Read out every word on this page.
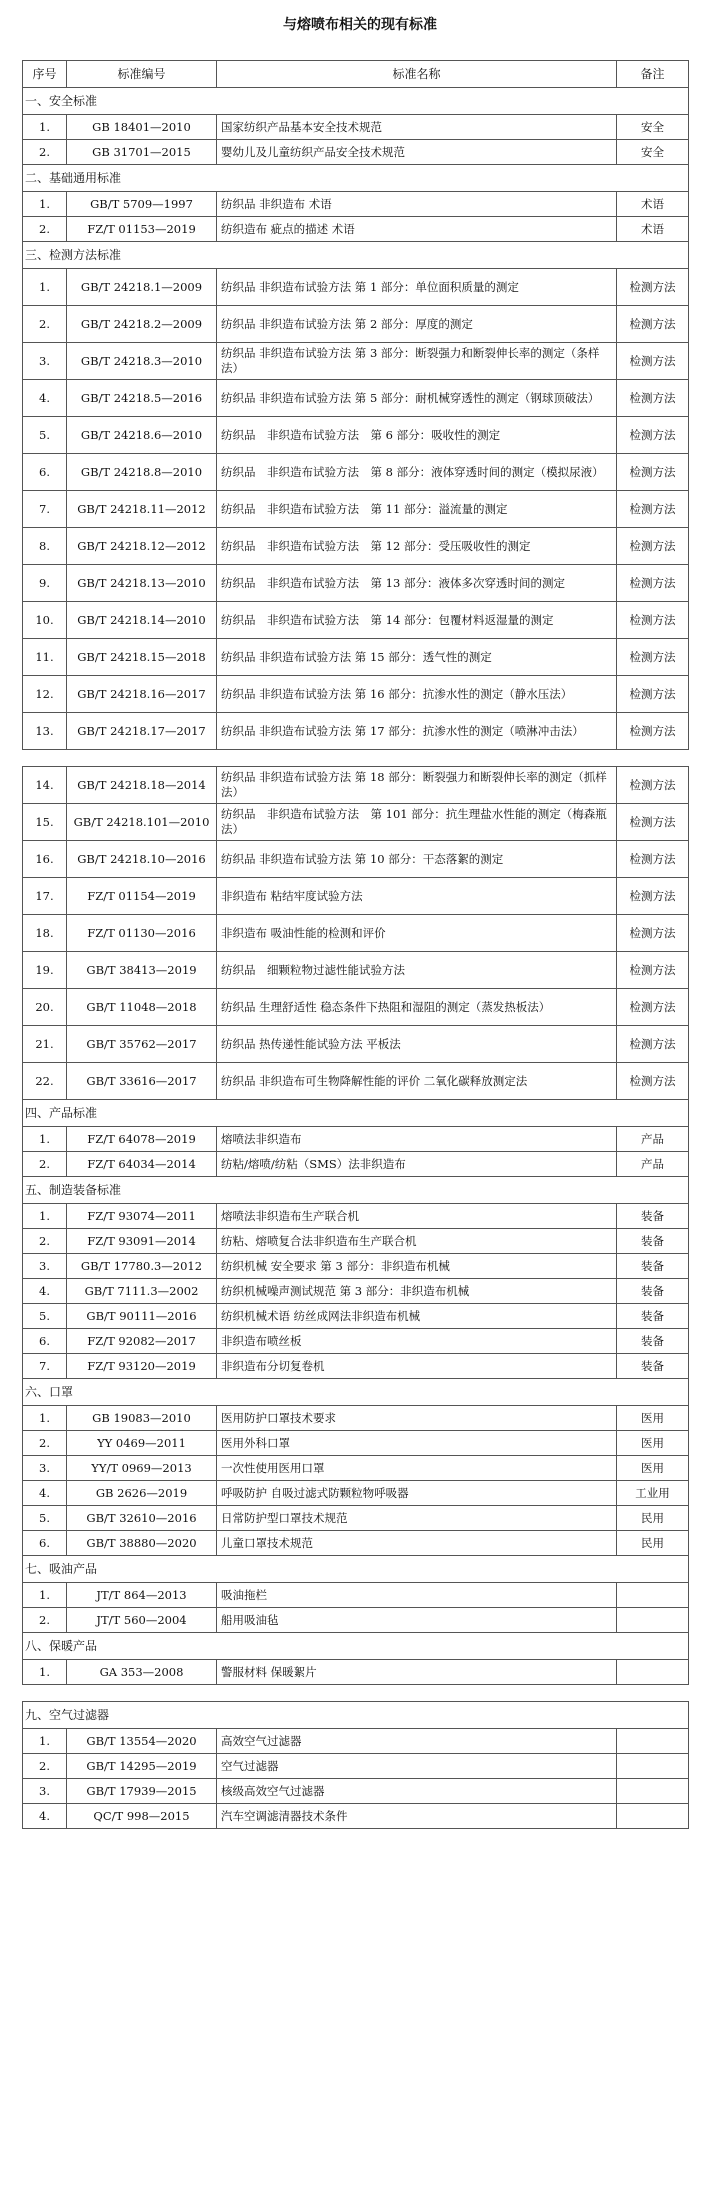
与熔喷布相关的现有标准
序号	标准编号	标准名称	备注
一、安全标准			
1.	GB 18401—2010	国家纺织产品基本安全技术规范	安全
2.	GB 31701—2015	婴幼儿及儿童纺织产品安全技术规范	安全
二、基础通用标准			
1.	GB/T 5709—1997	纺织品 非织造布 术语	术语
2.	FZ/T 01153—2019	纺织造布 疵点的描述 术语	术语
三、检测方法标准			
1.	GB/T 24218.1—2009	纺织品 非织造布试验方法 第 1 部分：单位面积质量的测定	检测方法
2.	GB/T 24218.2—2009	纺织品 非织造布试验方法 第 2 部分：厚度的测定	检测方法
3.	GB/T 24218.3—2010	纺织品 非织造布试验方法 第 3 部分：断裂强力和断裂伸长率的测定（条样法）	检测方法
4.	GB/T 24218.5—2016	纺织品 非织造布试验方法 第 5 部分：耐机械穿透性的测定（钢球顶破法）	检测方法
5.	GB/T 24218.6—2010	纺织品　非织造布试验方法　第 6 部分：吸收性的测定	检测方法
6.	GB/T 24218.8—2010	纺织品　非织造布试验方法　第 8 部分：液体穿透时间的测定（模拟尿液）	检测方法
7.	GB/T 24218.11—2012	纺织品　非织造布试验方法　第 11 部分：溢流量的测定	检测方法
8.	GB/T 24218.12—2012	纺织品　非织造布试验方法　第 12 部分：受压吸收性的测定	检测方法
9.	GB/T 24218.13—2010	纺织品　非织造布试验方法　第 13 部分：液体多次穿透时间的测定	检测方法
10.	GB/T 24218.14—2010	纺织品　非织造布试验方法　第 14 部分：包覆材料返湿量的测定	检测方法
11.	GB/T 24218.15—2018	纺织品 非织造布试验方法 第 15 部分：透气性的测定	检测方法
12.	GB/T 24218.16—2017	纺织品 非织造布试验方法 第 16 部分：抗渗水性的测定（静水压法）	检测方法
13.	GB/T 24218.17—2017	纺织品 非织造布试验方法 第 17 部分：抗渗水性的测定（喷淋冲击法）	检测方法

14.	GB/T 24218.18—2014	纺织品 非织造布试验方法 第 18 部分：断裂强力和断裂伸长率的测定（抓样法）	检测方法
15.	GB/T 24218.101—2010	纺织品　非织造布试验方法　第 101 部分：抗生理盐水性能的测定（梅森瓶法）	检测方法
16.	GB/T 24218.10—2016	纺织品 非织造布试验方法 第 10 部分：干态落絮的测定	检测方法
17.	FZ/T 01154—2019	非织造布 粘结牢度试验方法	检测方法
18.	FZ/T 01130—2016	非织造布 吸油性能的检测和评价	检测方法
19.	GB/T 38413—2019	纺织品　细颗粒物过滤性能试验方法	检测方法
20.	GB/T 11048—2018	纺织品 生理舒适性 稳态条件下热阻和湿阻的测定（蒸发热板法）	检测方法
21.	GB/T 35762—2017	纺织品 热传递性能试验方法 平板法	检测方法
22.	GB/T 33616—2017	纺织品 非织造布可生物降解性能的评价 二氧化碳释放测定法	检测方法
四、产品标准			
1.	FZ/T 64078—2019	熔喷法非织造布	产品
2.	FZ/T 64034—2014	纺粘/熔喷/纺粘（SMS）法非织造布	产品
五、制造装备标准			
1.	FZ/T 93074—2011	熔喷法非织造布生产联合机	装备
2.	FZ/T 93091—2014	纺粘、熔喷复合法非织造布生产联合机	装备
3.	GB/T 17780.3—2012	纺织机械 安全要求 第 3 部分：非织造布机械	装备
4.	GB/T 7111.3—2002	纺织机械噪声测试规范 第 3 部分：非织造布机械	装备
5.	GB/T 90111—2016	纺织机械术语 纺丝成网法非织造布机械	装备
6.	FZ/T 92082—2017	非织造布喷丝板	装备
7.	FZ/T 93120—2019	非织造布分切复卷机	装备
六、口罩			
1.	GB 19083—2010	医用防护口罩技术要求	医用
2.	YY 0469—2011	医用外科口罩	医用
3.	YY/T 0969—2013	一次性使用医用口罩	医用
4.	GB 2626—2019	呼吸防护 自吸过滤式防颗粒物呼吸器	工业用
5.	GB/T 32610—2016	日常防护型口罩技术规范	民用
6.	GB/T 38880—2020	儿童口罩技术规范	民用
七、吸油产品			
1.	JT/T 864—2013	吸油拖栏	
2.	JT/T 560—2004	船用吸油毡	
八、保暖产品			
1.	GA 353—2008	警服材料 保暖絮片	

九、空气过滤器			
1.	GB/T 13554—2020	高效空气过滤器	
2.	GB/T 14295—2019	空气过滤器	
3.	GB/T 17939—2015	核级高效空气过滤器	
4.	QC/T 998—2015	汽车空调滤清器技术条件	
